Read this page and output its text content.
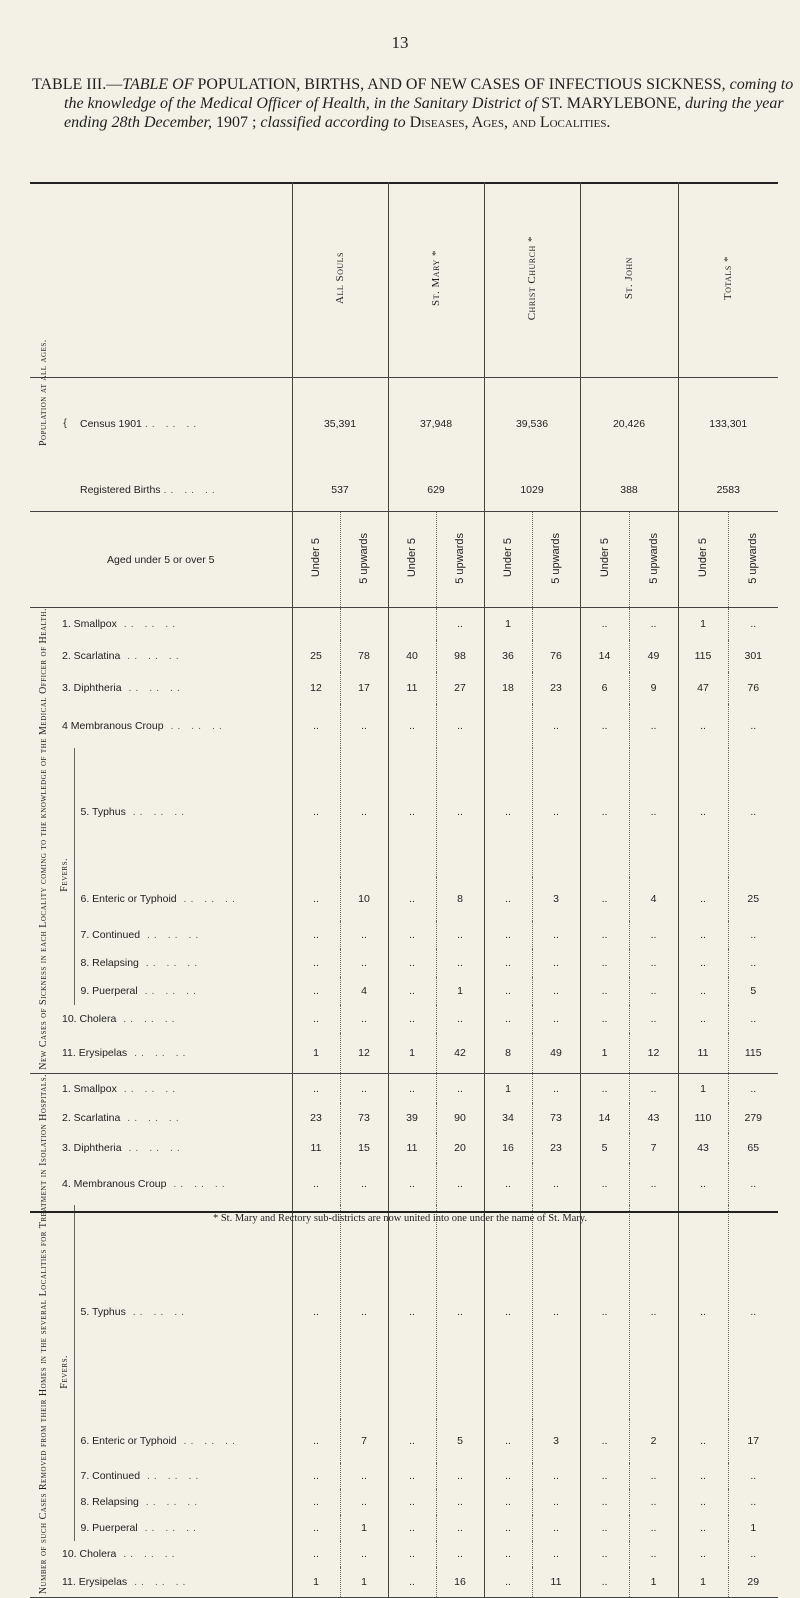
13
TABLE III.—TABLE OF POPULATION, BIRTHS, AND OF NEW CASES OF INFECTIOUS SICKNESS, coming to the knowledge of the Medical Officer of Health, in the Sanitary District of ST. MARYLEBONE, during the year ending 28th December, 1907 ; classified according to Diseases, Ages, and Localities.
			All Souls		St. Mary *		Christ Church *		St. John		Totals *	
Population at all ages.	{	Census 1901 .. .. ..	35,391		37,948		39,536		20,426		133,301	
		Registered Births .. .. ..	537		629		1029		388		2583	
Aged under 5 or over 5			Under 5	5 upwards	Under 5	5 upwards	Under 5	5 upwards	Under 5	5 upwards	Under 5	5 upwards
New Cases of Sickness in each Locality coming to the knowledge of the Medical Officer of Health.	1. Smallpox .. .. ..					..	1		..	..	1	..
	2. Scarlatina .. .. ..		25	78	40	98	36	76	14	49	115	301
	3. Diphtheria .. .. ..		12	17	11	27	18	23	6	9	47	76
	4 Membranous Croup .. .. ..		..	..	..	..		..	..	..	..	..
	Fevers.	5. Typhus .. .. ..	..	..	..	..	..	..	..	..	..	..
		6. Enteric or Typhoid .. .. ..	..	10	..	8	..	3	..	4	..	25
		7. Continued .. .. ..	..	..	..	..	..	..	..	..	..	..
		8. Relapsing .. .. ..	..	..	..	..	..	..	..	..	..	..
		9. Puerperal .. .. ..	..	4	..	1	..	..	..	..	..	5
	10. Cholera .. .. ..		..	..	..	..	..	..	..	..	..	..
	11. Erysipelas .. .. ..		1	12	1	42	8	49	1	12	11	115
Number of such Cases Removed from their Homes in the several Localities for Treatment in Isolation Hospitals.	1. Smallpox .. .. ..		..	..	..	..	1	..	..	..	1	..
	2. Scarlatina .. .. ..		23	73	39	90	34	73	14	43	110	279
	3. Diphtheria .. .. ..		11	15	11	20	16	23	5	7	43	65
	4. Membranous Croup .. .. ..		..	..	..	..	..	..	..	..	..	..
	Fevers.	5. Typhus .. .. ..	..	..	..	..	..	..	..	..	..	..
		6. Enteric or Typhoid .. .. ..	..	7	..	5	..	3	..	2	..	17
		7. Continued .. .. ..	..	..	..	..	..	..	..	..	..	..
		8. Relapsing .. .. ..	..	..	..	..	..	..	..	..	..	..
		9. Puerperal .. .. ..	..	1	..	..	..	..	..	..	..	1
	10. Cholera .. .. ..		..	..	..	..	..	..	..	..	..	..
	11. Erysipelas .. .. ..		1	1	..	16	..	11	..	1	1	29
* St. Mary and Rectory sub-districts are now united into one under the name of St. Mary.
